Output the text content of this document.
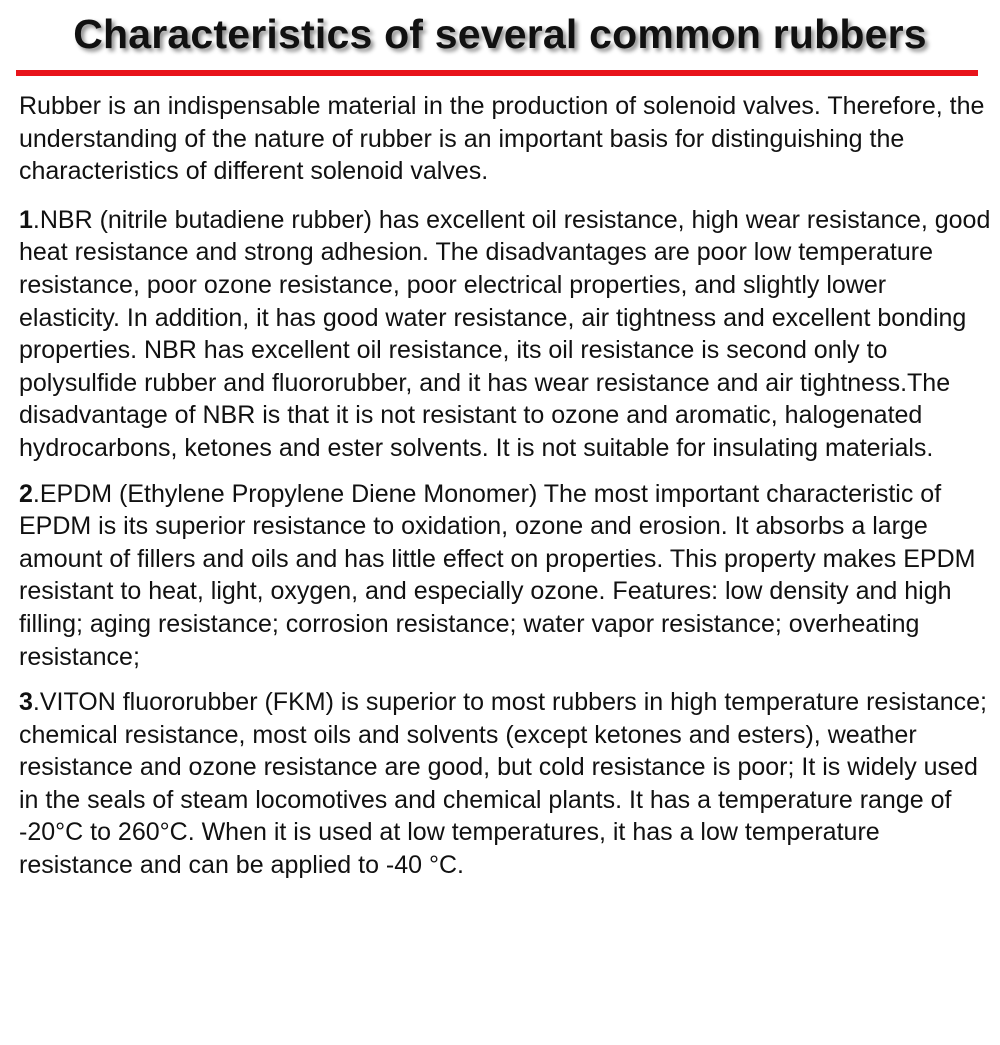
Characteristics of several common rubbers

Rubber is an indispensable material in the production of solenoid valves. Therefore, the understanding of the nature of rubber is an important basis for distinguishing the characteristics of different solenoid valves.

1.NBR (nitrile butadiene rubber) has excellent oil resistance, high wear resistance, good heat resistance and strong adhesion. The disadvantages are poor low temperature resistance, poor ozone resistance, poor electrical properties, and slightly lower elasticity. In addition, it has good water resistance, air tightness and excellent bonding properties. NBR has excellent oil resistance, its oil resistance is second only to polysulfide rubber and fluororubber, and it has wear resistance and air tightness.The disadvantage of NBR is that it is not resistant to ozone and aromatic, halogenated hydrocarbons, ketones and ester solvents. It is not suitable for insulating materials.

2.EPDM (Ethylene Propylene Diene Monomer) The most important characteristic of EPDM is its superior resistance to oxidation, ozone and erosion. It absorbs a large amount of fillers and oils and has little effect on properties. This property makes EPDM resistant to heat, light, oxygen, and especially ozone. Features: low density and high filling; aging resistance; corrosion resistance; water vapor resistance; overheating resistance;

3.VITON fluororubber (FKM) is superior to most rubbers in high temperature resistance; chemical resistance, most oils and solvents (except ketones and esters), weather resistance and ozone resistance are good, but cold resistance is poor; It is widely used in the seals of steam locomotives and chemical plants. It has a temperature range of -20°C to 260°C. When it is used at low temperatures, it has a low temperature resistance and can be applied to -40 °C.
